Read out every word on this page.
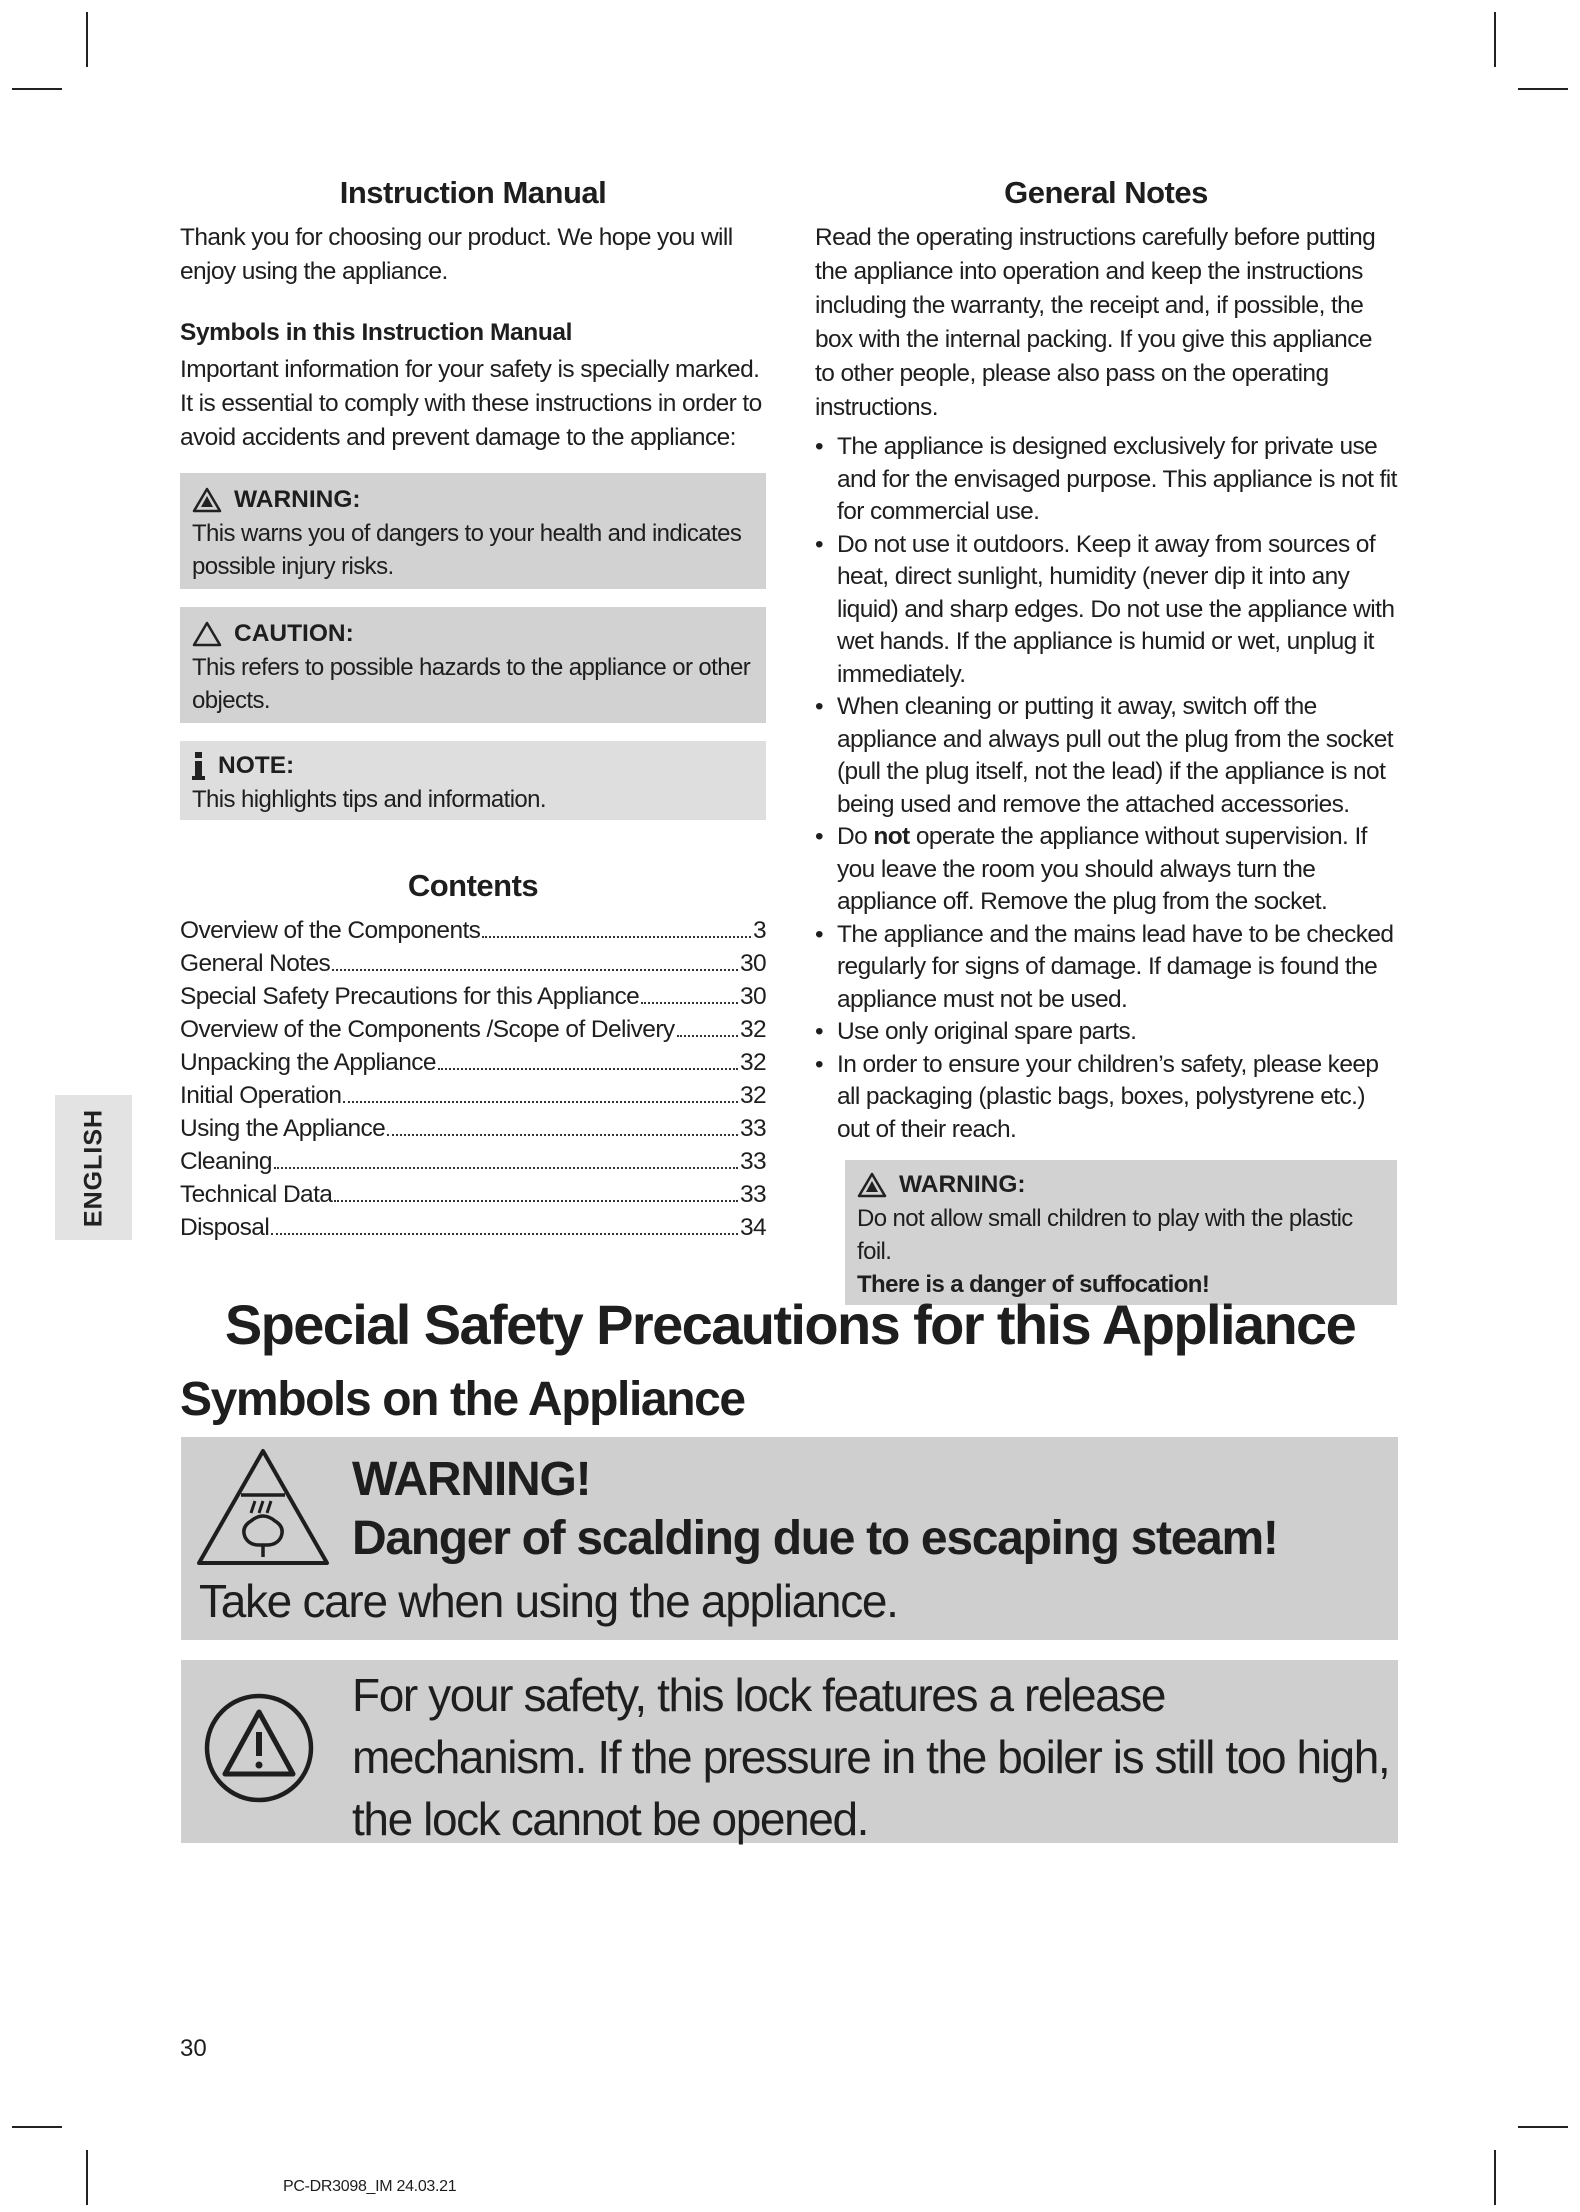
ENGLISH
Instruction Manual

Thank you for choosing our product. We hope you will enjoy using the appliance.

Symbols in this Instruction Manual

Important information for your safety is specially marked.

It is essential to comply with these instructions in order to avoid accidents and prevent damage to the appliance:

WARNING:
This warns you of dangers to your health and indicates possible injury risks.
CAUTION:
This refers to possible hazards to the appliance or other objects.
NOTE:
This highlights tips and information.
Contents
Overview of the Components	3
General Notes	30
Special Safety Precautions for this Appliance	30
Overview of the Components /Scope of Delivery	32
Unpacking the Appliance	32
Initial Operation	32
Using the Appliance	33
Cleaning	33
Technical Data	33
Disposal	34
General Notes

Read the operating instructions carefully before putting the appliance into operation and keep the instructions including the warranty, the receipt and, if possible, the box with the internal packing. If you give this appliance to other people, please also pass on the operating instructions.

• The appliance is designed exclusively for private use and for the envisaged purpose. This appliance is not fit for commercial use.
• Do not use it outdoors. Keep it away from sources of heat, direct sunlight, humidity (never dip it into any liquid) and sharp edges. Do not use the appliance with wet hands. If the appliance is humid or wet, unplug it immediately.
• When cleaning or putting it away, switch off the appliance and always pull out the plug from the socket (pull the plug itself, not the lead) if the appliance is not being used and remove the attached accessories.
• Do not operate the appliance without supervision. If you leave the room you should always turn the appliance off. Remove the plug from the socket.
• The appliance and the mains lead have to be checked regularly for signs of damage. If damage is found the appliance must not be used.
• Use only original spare parts.
• In order to ensure your children’s safety, please keep all packaging (plastic bags, boxes, polystyrene etc.) out of their reach.
WARNING:
Do not allow small children to play with the plastic foil.
There is a danger of suffocation!
Special Safety Precautions for this Appliance
Symbols on the Appliance
WARNING!
Danger of scalding due to escaping steam!
Take care when using the appliance.
For your safety, this lock features a release mechanism. If the pressure in the boiler is still too high, the lock cannot be opened.
30
PC-DR3098_IM 24.03.21
